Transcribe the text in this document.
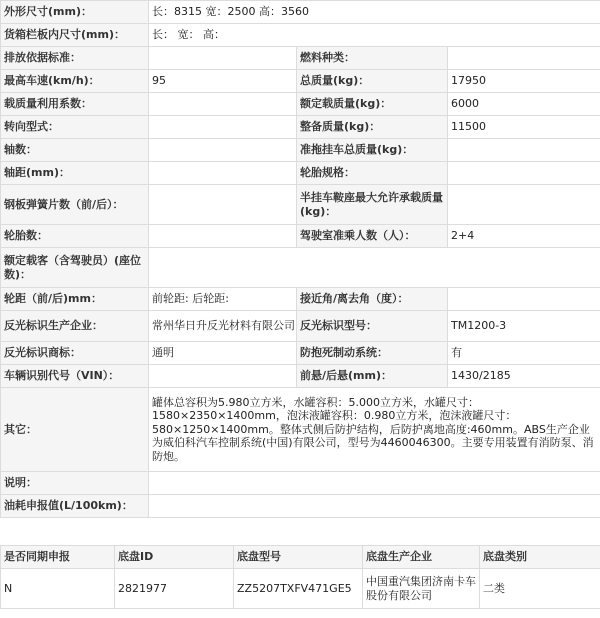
外形尺寸(mm)：	长：8315 宽：2500 高：3560		
货箱栏板内尺寸(mm)：	长： 宽： 高：		
排放依据标准：		燃料种类：	
最高车速(km/h)：	95	总质量(kg)：	17950
载质量利用系数：		额定载质量(kg)：	6000
转向型式：		整备质量(kg)：	11500
轴数：		准拖挂车总质量(kg)：	
轴距(mm)：		轮胎规格：	
钢板弹簧片数（前/后）：		半挂车鞍座最大允许承载质量(kg)：	
轮胎数：		驾驶室准乘人数（人）：	2+4
额定载客（含驾驶员）(座位数)：			
轮距（前/后)mm：	前轮距: 后轮距:	接近角/离去角（度）：	
反光标识生产企业：	常州华日升反光材料有限公司	反光标识型号：	TM1200-3
反光标识商标：	通明	防抱死制动系统：	有
车辆识别代号（VIN）：		前悬/后悬(mm)：	1430/2185
其它：	罐体总容积为5.980立方米，水罐容积：5.000立方米，水罐尺寸：1580×2350×1400mm，泡沫液罐容积：0.980立方米，泡沫液罐尺寸：580×1250×1400mm。整体式侧后防护结构，后防护离地高度:460mm。ABS生产企业为威伯科汽车控制系统(中国)有限公司，型号为4460046300。主要专用装置有消防泵、消防炮。		
说明：			
油耗申报值(L/100km)：			
是否同期申报	底盘ID	底盘型号	底盘生产企业	底盘类别
N	2821977	ZZ5207TXFV471GE5	中国重汽集团济南卡车股份有限公司	二类
